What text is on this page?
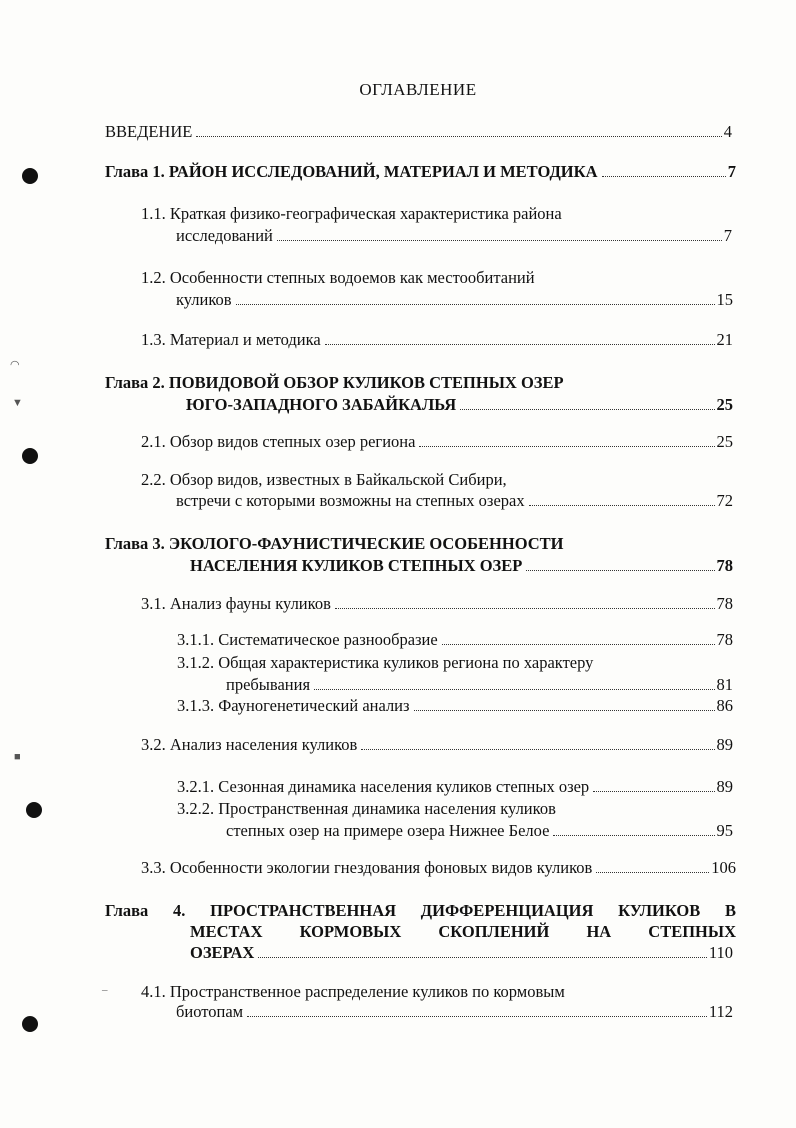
◠
▼
■
–
ОГЛАВЛЕНИЕ
ВВЕДЕНИЕ	4
Глава 1. РАЙОН ИССЛЕДОВАНИЙ, МАТЕРИАЛ И МЕТОДИКА	7
1.1. Краткая физико-географическая характеристика района
исследований	7
1.2. Особенности степных водоемов как местообитаний
куликов	15
1.3. Материал и методика	21
Глава 2. ПОВИДОВОЙ ОБЗОР КУЛИКОВ СТЕПНЫХ ОЗЕР
ЮГО-ЗАПАДНОГО ЗАБАЙКАЛЬЯ	25
2.1. Обзор видов степных озер региона	25
2.2. Обзор видов, известных в Байкальской Сибири,
встречи с которыми возможны на степных озерах	72
Глава 3. ЭКОЛОГО-ФАУНИСТИЧЕСКИЕ ОСОБЕННОСТИ
НАСЕЛЕНИЯ КУЛИКОВ СТЕПНЫХ ОЗЕР	78
3.1. Анализ фауны куликов	78
3.1.1. Систематическое разнообразие	78
3.1.2. Общая характеристика куликов региона по характеру
пребывания	81
3.1.3. Фауногенетический анализ	86
3.2. Анализ населения куликов	89
3.2.1. Сезонная динамика населения куликов степных озер	89
3.2.2. Пространственная динамика населения куликов
степных озер на примере озера Нижнее Белое	95
3.3. Особенности экологии гнездования фоновых видов куликов	106
Глава 4. ПРОСТРАНСТВЕННАЯ ДИФФЕРЕНЦИАЦИЯ КУЛИКОВ В
МЕСТАХ КОРМОВЫХ СКОПЛЕНИЙ НА СТЕПНЫХ
ОЗЕРАХ	110
4.1. Пространственное распределение куликов по кормовым
биотопам	112
